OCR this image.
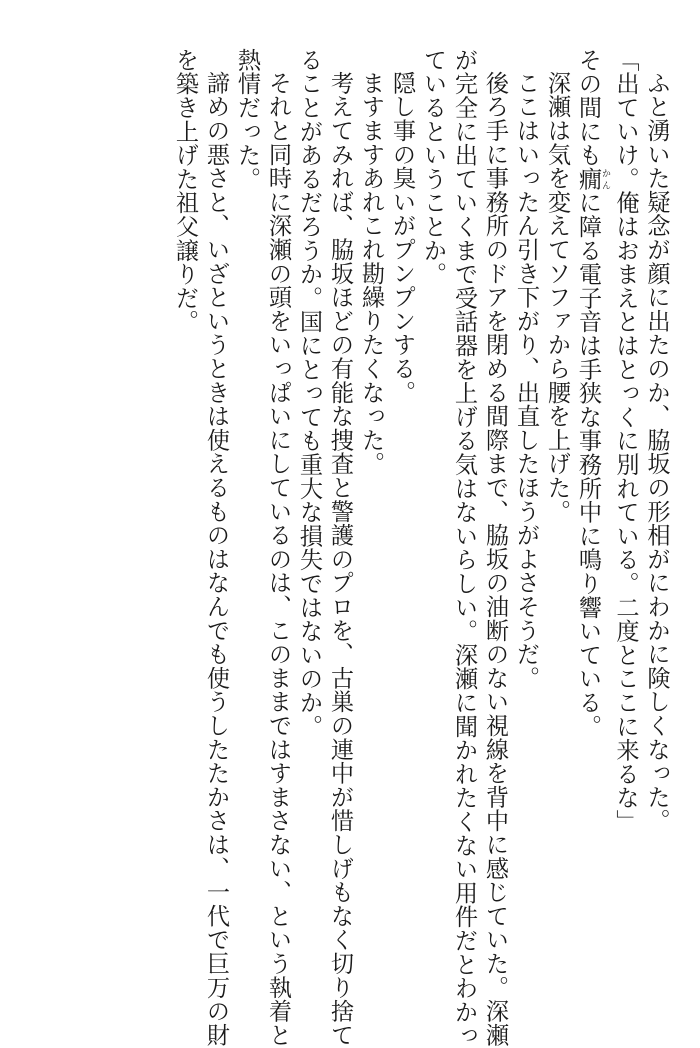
ふと湧いた疑念が顔に出たのか、脇坂の形相がにわかに険しくなった。
「出ていけ。俺はおまえとはとっくに別れている。二度とここに来るな」
その間にも癇かんに障る電子音は手狭な事務所中に鳴り響いている。
深瀬は気を変えてソファから腰を上げた。
ここはいったん引き下がり、出直したほうがよさそうだ。
後ろ手に事務所のドアを閉める間際まで、脇坂の油断のない視線を背中に感じていた。深瀬
が完全に出ていくまで受話器を上げる気はないらしい。深瀬に聞かれたくない用件だとわかっ
ているということか。
隠し事の臭いがプンプンする。
ますますあれこれ勘繰りたくなった。
考えてみれば、脇坂ほどの有能な捜査と警護のプロを、古巣の連中が惜しげもなく切り捨て
ることがあるだろうか。国にとっても重大な損失ではないのか。
それと同時に深瀬の頭をいっぱいにしているのは、このままではすまさない、という執着と
熱情だった。
諦めの悪さと、いざというときは使えるものはなんでも使うしたたかさは、一代で巨万の財
を築き上げた祖父譲りだ。
